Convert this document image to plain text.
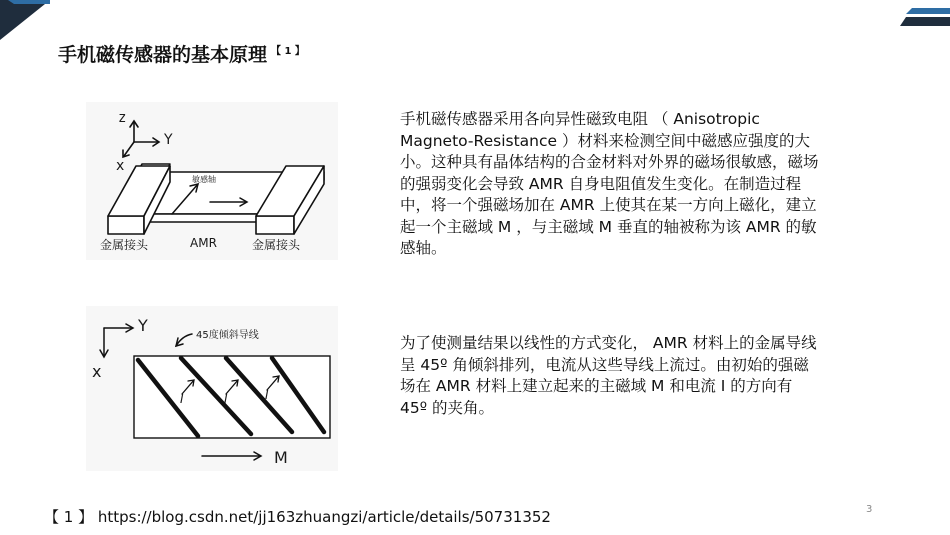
手机磁传感器的基本原理 $^{【 1 】}$
z
Y
x
敏感轴
金属接头	AMR	金属接头
Y
x
45度倾斜导线
I	I	I
M
手机磁传感器采用各向异性磁致电阻 （ Anisotropic Magneto-Resistance ）材料来检测空间中磁感应强度的大小。这种具有晶体结构的合金材料对外界的磁场很敏感，磁场的强弱变化会导致 AMR 自身电阻值发生变化。在制造过程中，将一个强磁场加在 AMR 上使其在某一方向上磁化，建立起一个主磁域 M ，与主磁域 M 垂直的轴被称为该 AMR 的敏感轴。
为了使测量结果以线性的方式变化， AMR 材料上的金属导线呈 45º 角倾斜排列，电流从这些导线上流过。由初始的强磁场在 AMR 材料上建立起来的主磁域 M 和电流 I 的方向有 45º 的夹角。
【 1 】 https://blog.csdn.net/jj163zhuangzi/article/details/50731352	3
